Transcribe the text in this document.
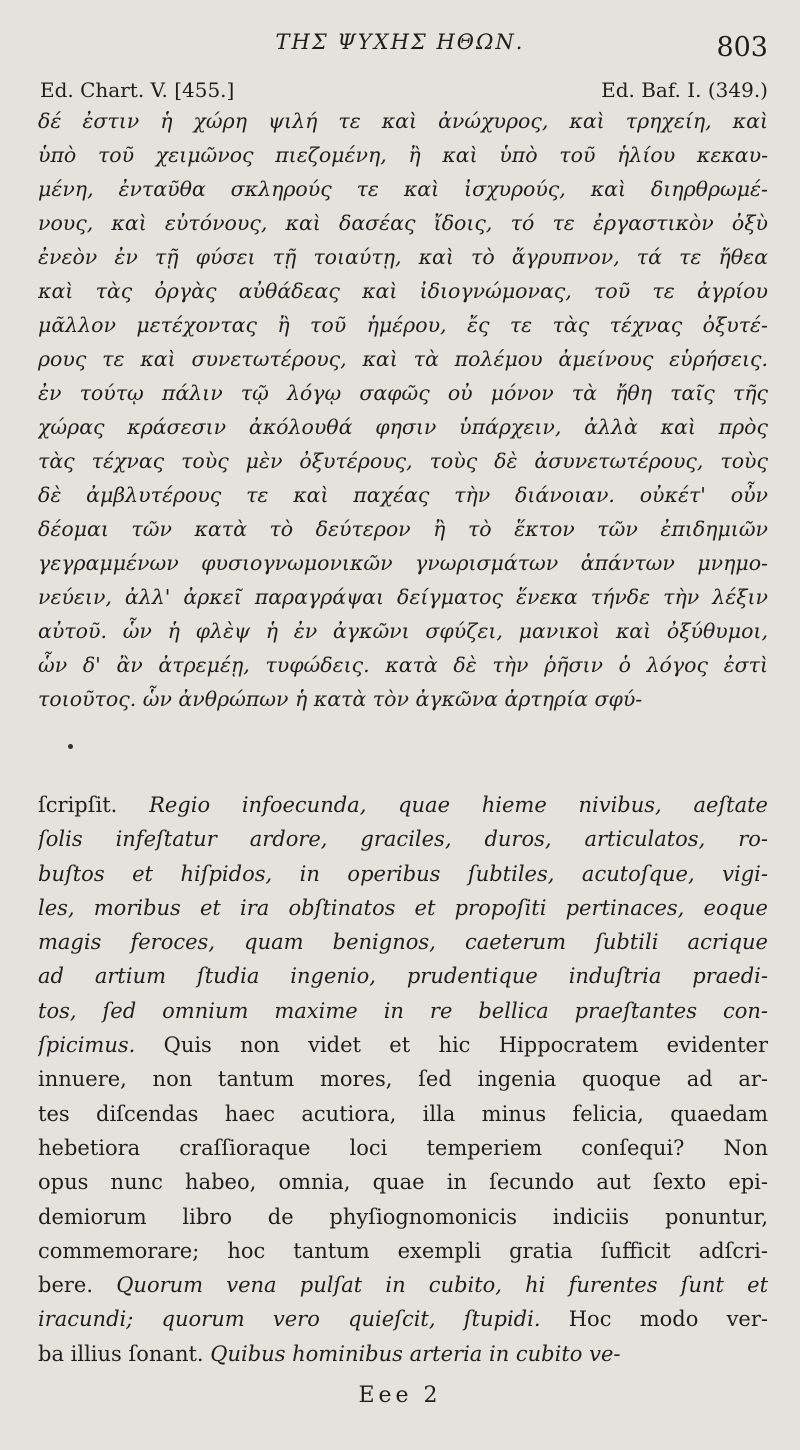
ΤΗΣ ΨΥΧΗΣ ΗΘΩΝ.	803
Ed. Chart. V. [455.]	Ed. Baf. I. (349.)
δέ ἐστιν ἡ χώρη ψιλή τε καὶ ἀνώχυρος, καὶ τρηχείη, καὶ
ὑπὸ τοῦ χειμῶνος πιεζομένη, ἢ καὶ ὑπὸ τοῦ ἡλίου κεκαυ-
μένη, ἐνταῦθα σκληρούς τε καὶ ἰσχυρούς, καὶ διηρθρωμέ-
νους, καὶ εὐτόνους, καὶ δασέας ἴδοις, τό τε ἐργαστικὸν ὀξὺ
ἐνεὸν ἐν τῇ φύσει τῇ τοιαύτῃ, καὶ τὸ ἄγρυπνον, τά τε ἤθεα
καὶ τὰς ὀργὰς αὐθάδεας καὶ ἰδιογνώμονας, τοῦ τε ἀγρίου
μᾶλλον μετέχοντας ἢ τοῦ ἡμέρου, ἔς τε τὰς τέχνας ὀξυτέ-
ρους τε καὶ συνετωτέρους, καὶ τὰ πολέμου ἀμείνους εὑρήσεις.
ἐν τούτῳ πάλιν τῷ λόγῳ σαφῶς οὐ μόνον τὰ ἤθη ταῖς τῆς
χώρας κράσεσιν ἀκόλουθά φησιν ὑπάρχειν, ἀλλὰ καὶ πρὸς
τὰς τέχνας τοὺς μὲν ὀξυτέρους, τοὺς δὲ ἀσυνετωτέρους, τοὺς
δὲ ἀμβλυτέρους τε καὶ παχέας τὴν διάνοιαν. οὐκέτ' οὖν
δέομαι τῶν κατὰ τὸ δεύτερον ἢ τὸ ἕκτον τῶν ἐπιδημιῶν
γεγραμμένων φυσιογνωμονικῶν γνωρισμάτων ἁπάντων μνημο-
νεύειν, ἀλλ' ἀρκεῖ παραγράψαι δείγματος ἕνεκα τήνδε τὴν λέξιν
αὐτοῦ. ὧν ἡ φλὲψ ἡ ἐν ἀγκῶνι σφύζει, μανικοὶ καὶ ὀξύθυμοι,
ὧν δ' ἂν ἀτρεμέῃ, τυφώδεις. κατὰ δὲ τὴν ῥῆσιν ὁ λόγος ἐστὶ
τοιοῦτος. ὧν ἀνθρώπων ἡ κατὰ τὸν ἀγκῶνα ἀρτηρία σφύ-
ſcripſit. Regio infoecunda, quae hieme nivibus, aeſtate
ſolis infeſtatur ardore, graciles, duros, articulatos, ro-
buſtos et hiſpidos, in operibus ſubtiles, acutoſque, vigi-
les, moribus et ira obſtinatos et propoſiti pertinaces, eoque
magis feroces, quam benignos, caeterum ſubtili acrique
ad artium ſtudia ingenio, prudentique induſtria praedi-
tos, ſed omnium maxime in re bellica praeſtantes con-
ſpicimus. Quis non videt et hic Hippocratem evidenter
innuere, non tantum mores, ſed ingenia quoque ad ar-
tes diſcendas haec acutiora, illa minus felicia, quaedam
hebetiora craſſioraque loci temperiem conſequi? Non
opus nunc habeo, omnia, quae in ſecundo aut ſexto epi-
demiorum libro de phyſiognomonicis indiciis ponuntur,
commemorare; hoc tantum exempli gratia ſufficit adſcri-
bere. Quorum vena pulſat in cubito, hi furentes ſunt et
iracundi; quorum vero quieſcit, ſtupidi. Hoc modo ver-
ba illius ſonant. Quibus hominibus arteria in cubito ve-
Eee 2
